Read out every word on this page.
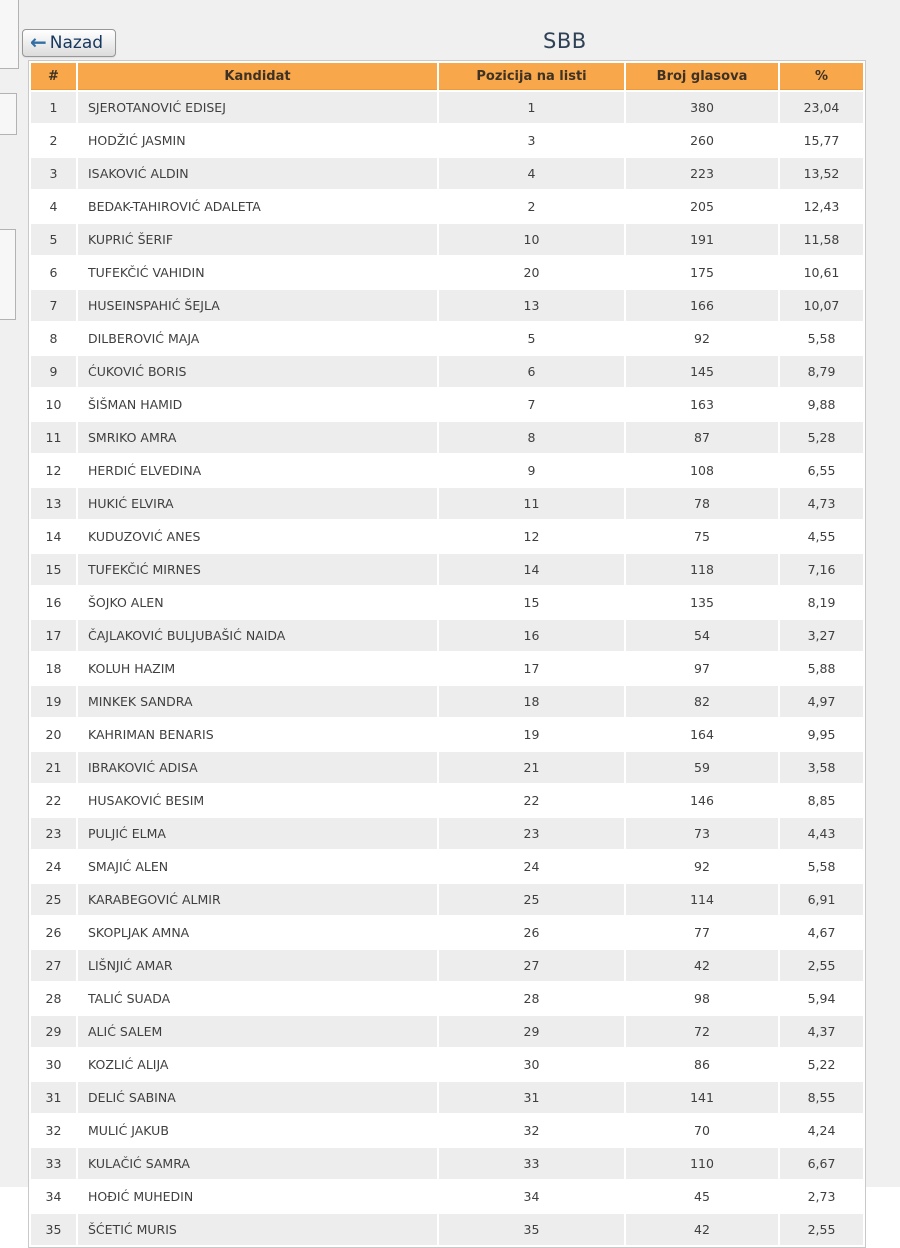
← Nazad	SBB
#	Kandidat	Pozicija na listi	Broj glasova	%
1	SJEROTANOVIĆ EDISEJ	1	380	23,04
2	HODŽIĆ JASMIN	3	260	15,77
3	ISAKOVIĆ ALDIN	4	223	13,52
4	BEDAK-TAHIROVIĆ ADALETA	2	205	12,43
5	KUPRIĆ ŠERIF	10	191	11,58
6	TUFEKČIĆ VAHIDIN	20	175	10,61
7	HUSEINSPAHIĆ ŠEJLA	13	166	10,07
8	DILBEROVIĆ MAJA	5	92	5,58
9	ĆUKOVIĆ BORIS	6	145	8,79
10	ŠIŠMAN HAMID	7	163	9,88
11	SMRIKO AMRA	8	87	5,28
12	HERDIĆ ELVEDINA	9	108	6,55
13	HUKIĆ ELVIRA	11	78	4,73
14	KUDUZOVIĆ ANES	12	75	4,55
15	TUFEKČIĆ MIRNES	14	118	7,16
16	ŠOJKO ALEN	15	135	8,19
17	ČAJLAKOVIĆ BULJUBAŠIĆ NAIDA	16	54	3,27
18	KOLUH HAZIM	17	97	5,88
19	MINKEK SANDRA	18	82	4,97
20	KAHRIMAN BENARIS	19	164	9,95
21	IBRAKOVIĆ ADISA	21	59	3,58
22	HUSAKOVIĆ BESIM	22	146	8,85
23	PULJIĆ ELMA	23	73	4,43
24	SMAJIĆ ALEN	24	92	5,58
25	KARABEGOVIĆ ALMIR	25	114	6,91
26	SKOPLJAK AMNA	26	77	4,67
27	LIŠNJIĆ AMAR	27	42	2,55
28	TALIĆ SUADA	28	98	5,94
29	ALIĆ SALEM	29	72	4,37
30	KOZLIĆ ALIJA	30	86	5,22
31	DELIĆ SABINA	31	141	8,55
32	MULIĆ JAKUB	32	70	4,24
33	KULAČIĆ SAMRA	33	110	6,67
34	HOĐIĆ MUHEDIN	34	45	2,73
35	ŠĆETIĆ MURIS	35	42	2,55
